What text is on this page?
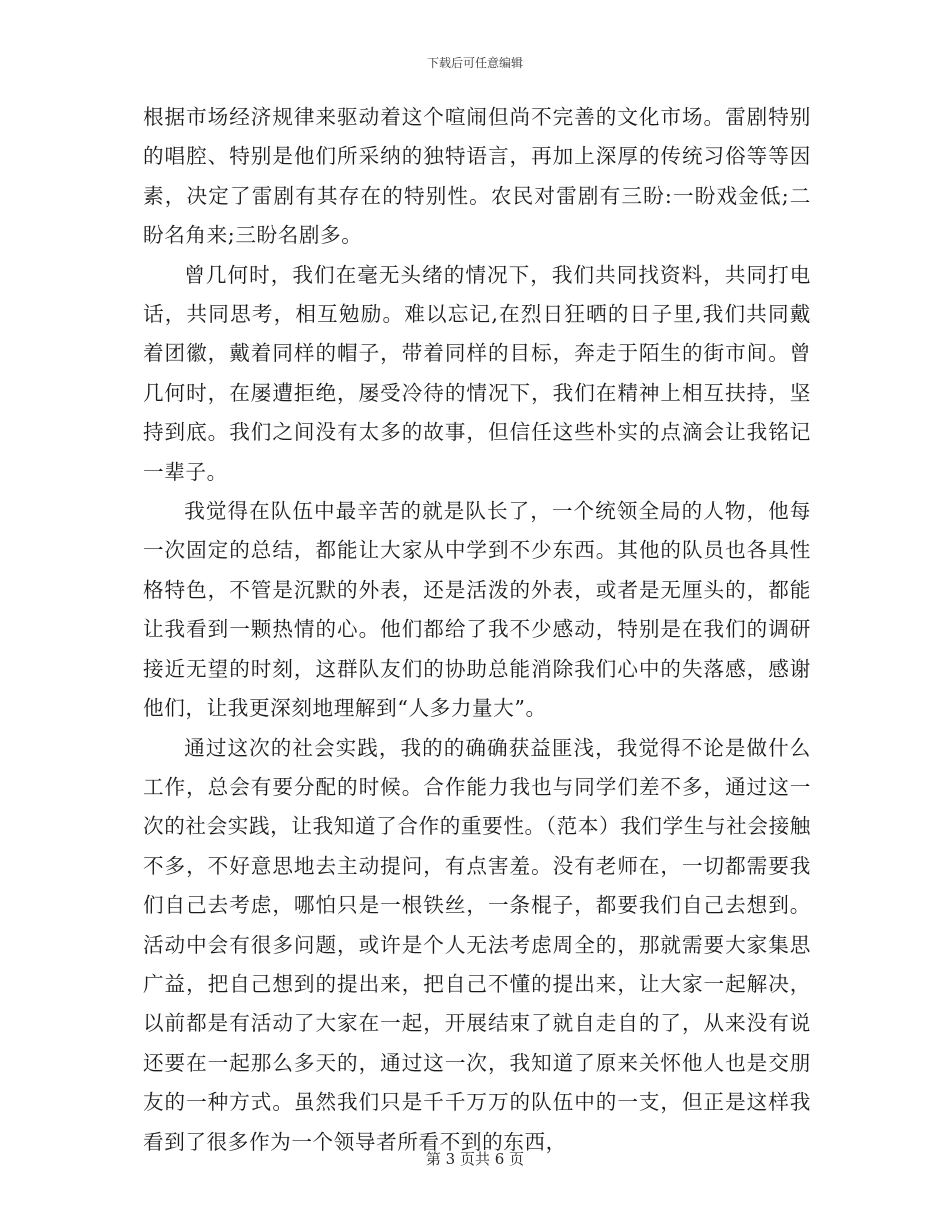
下载后可任意编辑

根据市场经济规律来驱动着这个喧闹但尚不完善的文化市场。雷剧特别的唱腔、特别是他们所采纳的独特语言，再加上深厚的传统习俗等等因素，决定了雷剧有其存在的特别性。农民对雷剧有三盼:一盼戏金低;二盼名角来;三盼名剧多。

曾几何时，我们在毫无头绪的情况下，我们共同找资料，共同打电话，共同思考，相互勉励。难以忘记,在烈日狂晒的日子里,我们共同戴着团徽，戴着同样的帽子，带着同样的目标，奔走于陌生的街市间。曾几何时，在屡遭拒绝，屡受冷待的情况下，我们在精神上相互扶持，坚持到底。我们之间没有太多的故事，但信任这些朴实的点滴会让我铭记一辈子。

我觉得在队伍中最辛苦的就是队长了，一个统领全局的人物，他每一次固定的总结，都能让大家从中学到不少东西。其他的队员也各具性格特色，不管是沉默的外表，还是活泼的外表，或者是无厘头的，都能让我看到一颗热情的心。他们都给了我不少感动，特别是在我们的调研接近无望的时刻，这群队友们的协助总能消除我们心中的失落感，感谢他们，让我更深刻地理解到“人多力量大”。

通过这次的社会实践，我的的确确获益匪浅，我觉得不论是做什么工作，总会有要分配的时候。合作能力我也与同学们差不多，通过这一次的社会实践，让我知道了合作的重要性。（范本）我们学生与社会接触不多，不好意思地去主动提问，有点害羞。没有老师在，一切都需要我们自己去考虑，哪怕只是一根铁丝，一条棍子，都要我们自己去想到。活动中会有很多问题，或许是个人无法考虑周全的，那就需要大家集思广益，把自己想到的提出来，把自己不懂的提出来，让大家一起解决，以前都是有活动了大家在一起，开展结束了就自走自的了，从来没有说还要在一起那么多天的，通过这一次，我知道了原来关怀他人也是交朋友的一种方式。虽然我们只是千千万万的队伍中的一支，但正是这样我看到了很多作为一个领导者所看不到的东西，

第 3 页共 6 页
